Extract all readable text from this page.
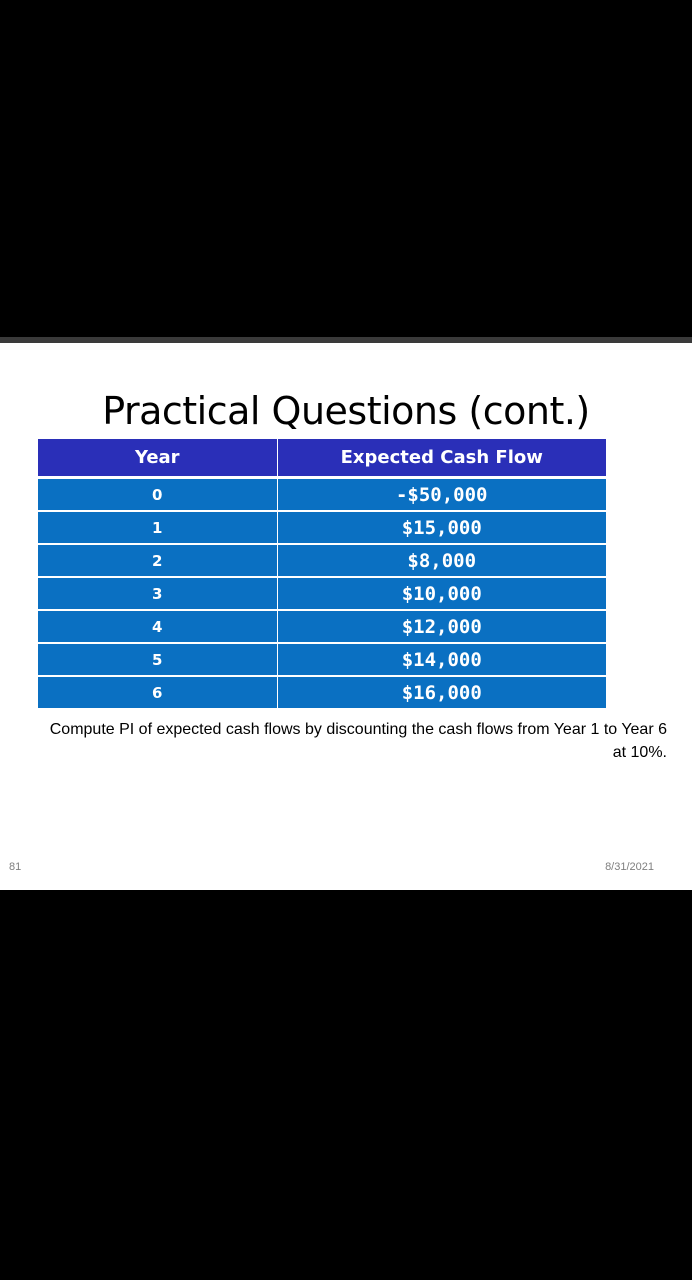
Practical Questions (cont.)
Year	Expected Cash Flow
0	-$50,000
1	$15,000
2	$8,000
3	$10,000
4	$12,000
5	$14,000
6	$16,000

Compute PI of expected cash flows by discounting the cash flows from Year 1 to Year 6
at 10%.

81	8/31/2021
